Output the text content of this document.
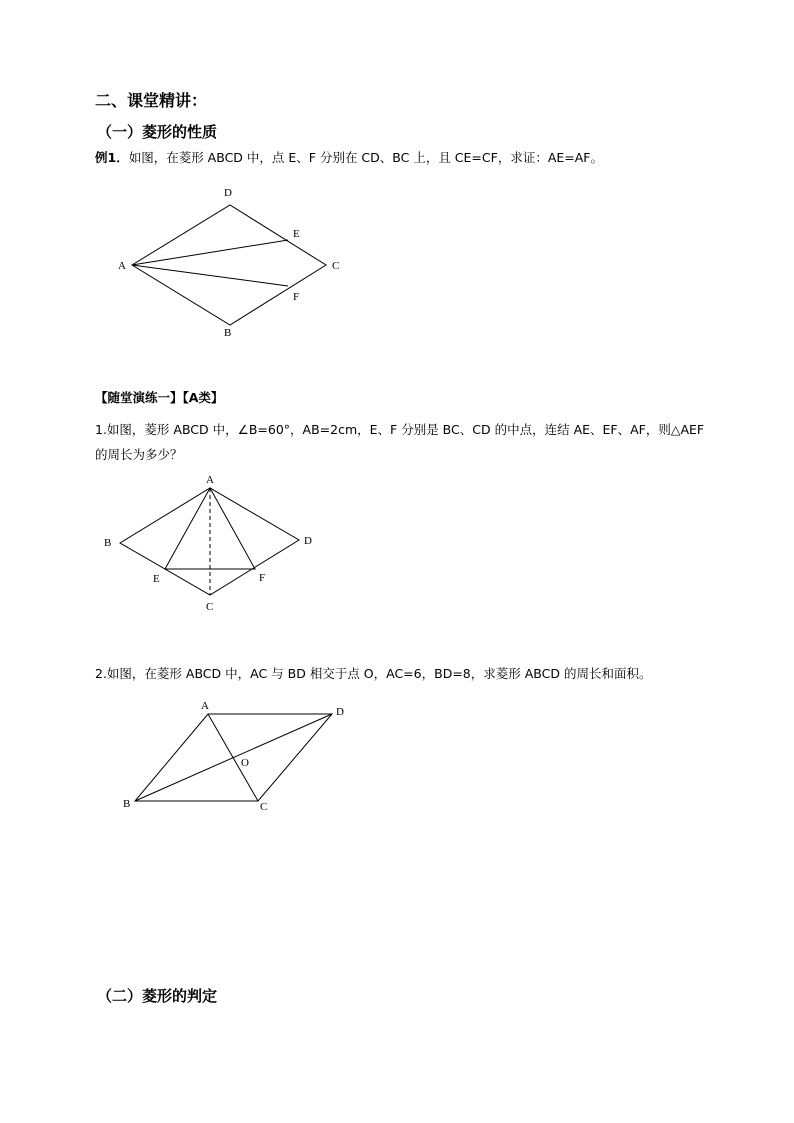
二、课堂精讲：
（一）菱形的性质
例1．如图，在菱形 ABCD 中，点 E、F 分别在 CD、BC 上，且 CE=CF，求证：AE=AF。
D
A	C
B
E
F
【随堂演练一】【A类】
1.如图，菱形 ABCD 中，∠B=60°，AB=2cm，E、F 分别是 BC、CD 的中点，连结 AE、EF、AF，则△AEF
的周长为多少？
A
B	D
C
E	F
2.如图，在菱形 ABCD 中，AC 与 BD 相交于点 O，AC=6，BD=8，求菱形 ABCD 的周长和面积。
A	D
O
B	C
（二）菱形的判定
